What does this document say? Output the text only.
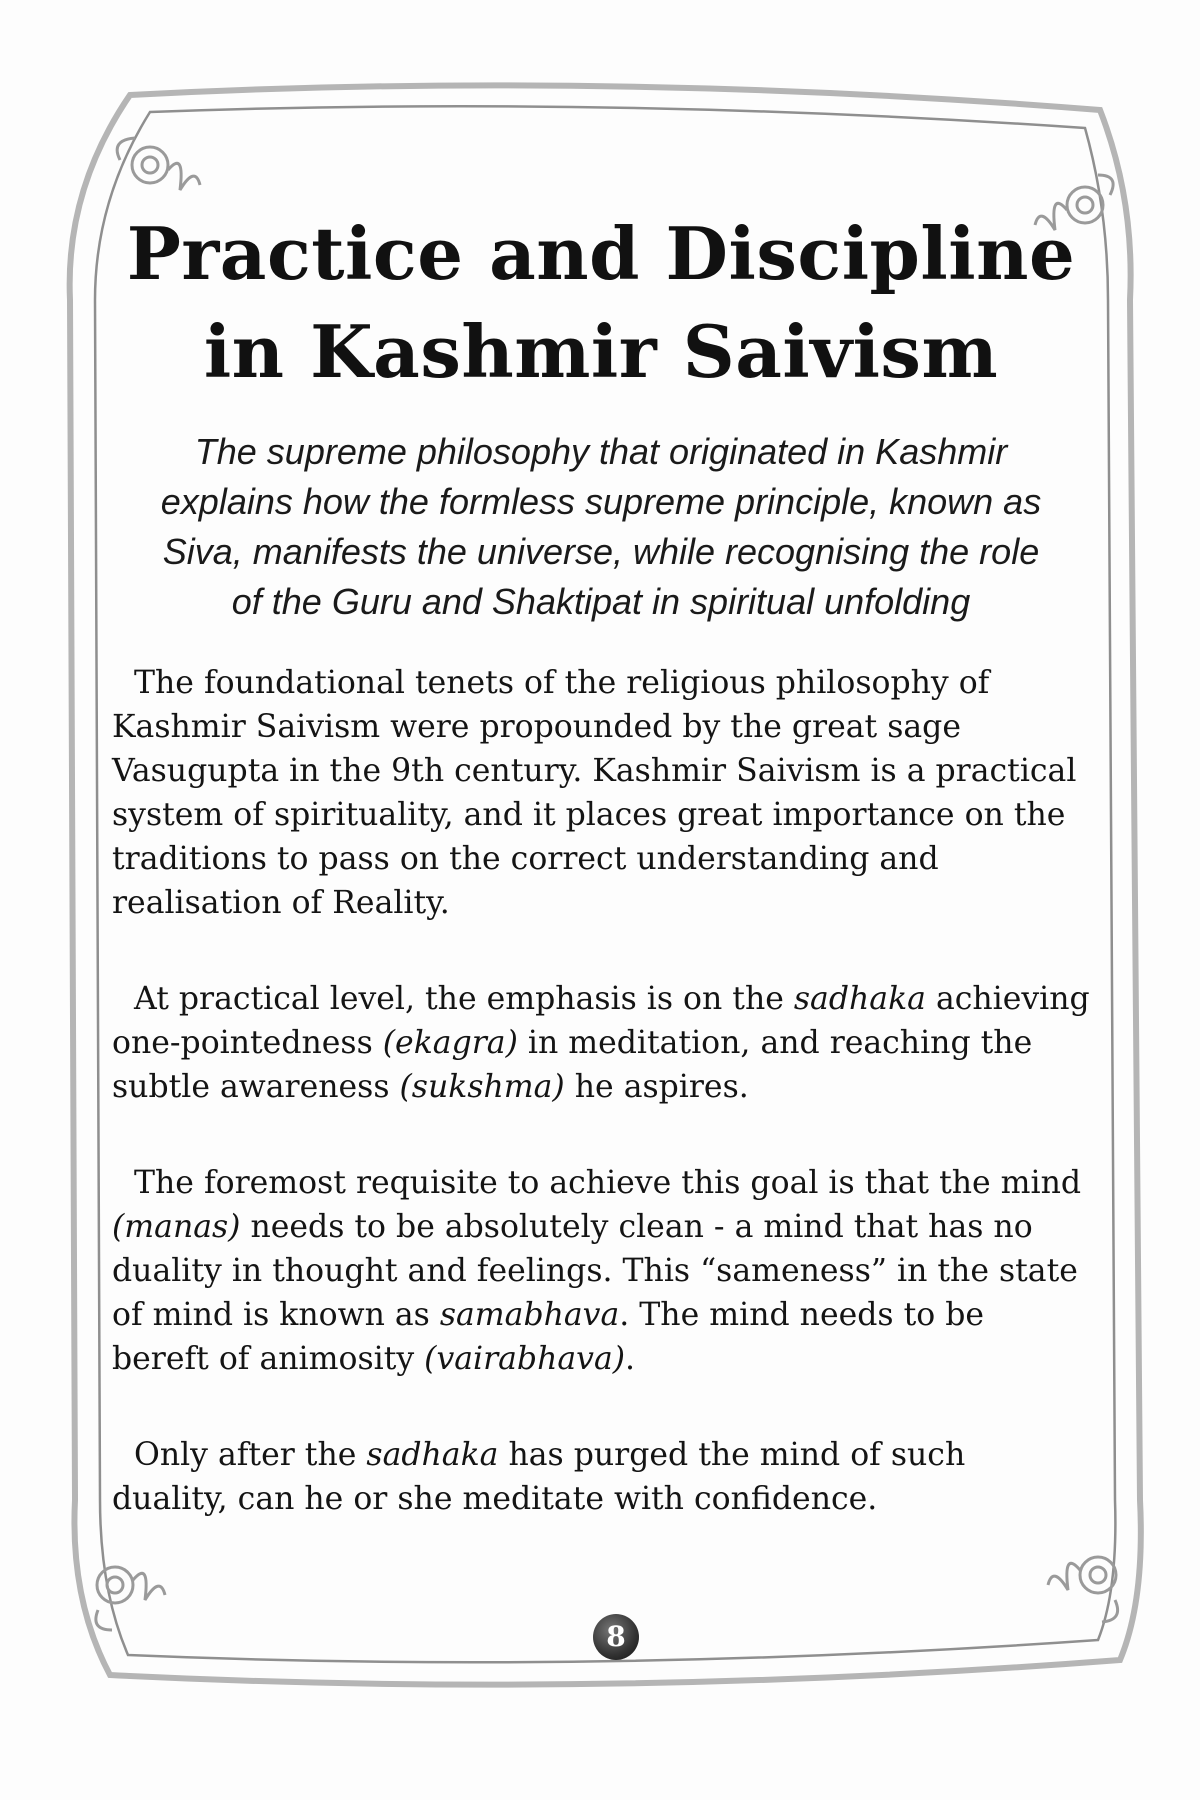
Practice and Discipline
in Kashmir Saivism

The supreme philosophy that originated in Kashmir explains how the formless supreme principle, known as Siva, manifests the universe, while recognising the role of the Guru and Shaktipat in spiritual unfolding

The foundational tenets of the religious philosophy of Kashmir Saivism were propounded by the great sage Vasugupta in the 9th century. Kashmir Saivism is a practical system of spirituality, and it places great importance on the traditions to pass on the correct understanding and realisation of Reality.

At practical level, the emphasis is on the sadhaka achieving one-pointedness (ekagra) in meditation, and reaching the subtle awareness (sukshma) he aspires.

The foremost requisite to achieve this goal is that the mind (manas) needs to be absolutely clean - a mind that has no duality in thought and feelings. This “sameness” in the state of mind is known as samabhava. The mind needs to be bereft of animosity (vairabhava).

Only after the sadhaka has purged the mind of such duality, can he or she meditate with confidence.

8
